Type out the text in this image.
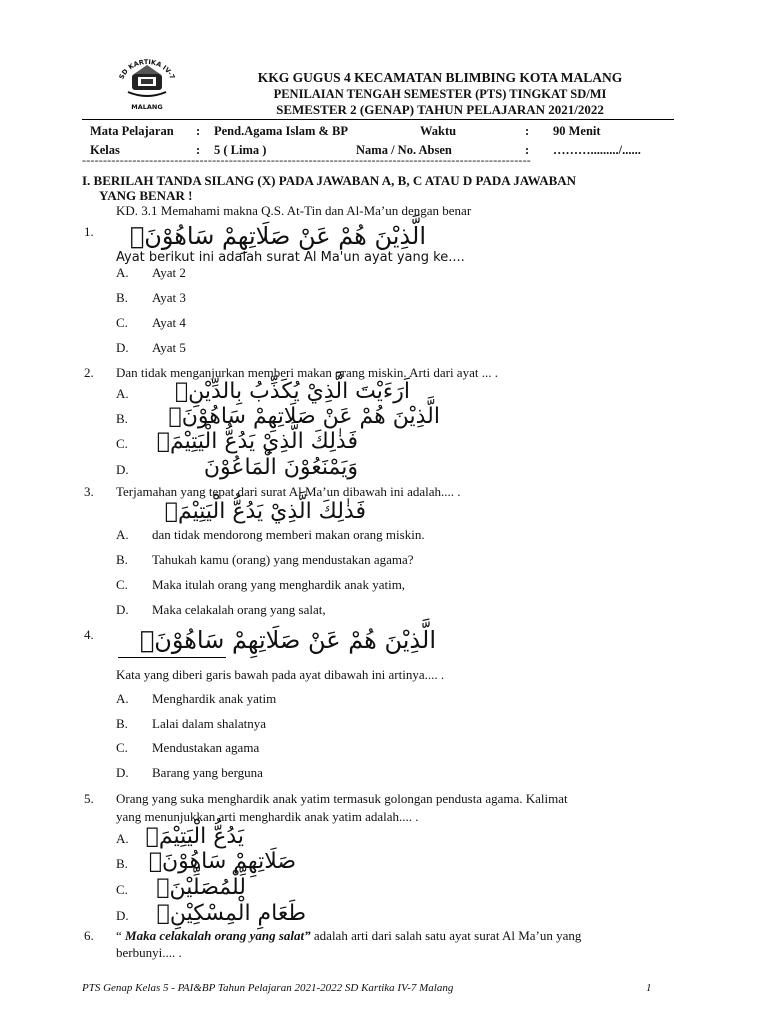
SD KARTIKA IV-7
MALANG
KKG GUGUS 4 KECAMATAN BLIMBING KOTA MALANG
PENILAIAN TENGAH SEMESTER (PTS) TINGKAT SD/MI
SEMESTER 2 (GENAP) TAHUN PELAJARAN 2021/2022
Mata Pelajaran : Pend.Agama Islam & BP	Waktu	: 90 Menit
Kelas	: 5 ( Lima )	Nama / No. Absen	: ………........./......
-----------------------------------------------------------------------------------------------------------
I. BERILAH TANDA SILANG (X) PADA JAWABAN A, B, C ATAU D PADA JAWABAN
YANG BENAR !
KD. 3.1 Memahami makna Q.S. At-Tin dan Al-Ma’un dengan benar
1.	الَّذِيْنَ هُمْ عَنْ صَلَاتِهِمْ سَاهُوْنَۙ
Ayat berikut ini adalah surat Al Ma'un ayat yang ke....
A. Ayat 2
B. Ayat 3
C. Ayat 4
D. Ayat 5
2. Dan tidak menganjurkan memberi makan orang miskin. Arti dari ayat ... .
A.	اَرَءَيْتَ الَّذِيْ يُكَذِّبُ بِالدِّيْنِۗ
B.	الَّذِيْنَ هُمْ عَنْ صَلَاتِهِمْ سَاهُوْنَۙ
C.	فَذٰلِكَ الَّذِيْ يَدُعُّ الْيَتِيْمَۙ
D.	وَيَمْنَعُوْنَ الْمَاعُوْنَ
3. Terjamahan yang tepat dari surat Al Ma’un dibawah ini adalah.... .
فَذٰلِكَ الَّذِيْ يَدُعُّ الْيَتِيْمَۙ
A. dan tidak mendorong memberi makan orang miskin.
B. Tahukah kamu (orang) yang mendustakan agama?
C. Maka itulah orang yang menghardik anak yatim,
D. Maka celakalah orang yang salat,
4.	الَّذِيْنَ هُمْ عَنْ صَلَاتِهِمْ سَاهُوْنَۙ
Kata yang diberi garis bawah pada ayat dibawah ini artinya.... .
A. Menghardik anak yatim
B. Lalai dalam shalatnya
C. Mendustakan agama
D. Barang yang berguna
5. Orang yang suka menghardik anak yatim termasuk golongan pendusta agama. Kalimat
yang menunjukkan arti menghardik anak yatim adalah.... .
A. يَدُعُّ الْيَتِيْمَۙ
B. صَلَاتِهِمْ سَاهُوْنَۙ
C.	لِّلْمُصَلِّيْنَۙ
D.	طَعَامِ الْمِسْكِيْنِۗ
6. “ Maka celakalah orang yang salat” adalah arti dari salah satu ayat surat Al Ma’un yang
berbunyi.... .
PTS Genap Kelas 5 - PAI&BP Tahun Pelajaran 2021-2022 SD Kartika IV-7 Malang	1
